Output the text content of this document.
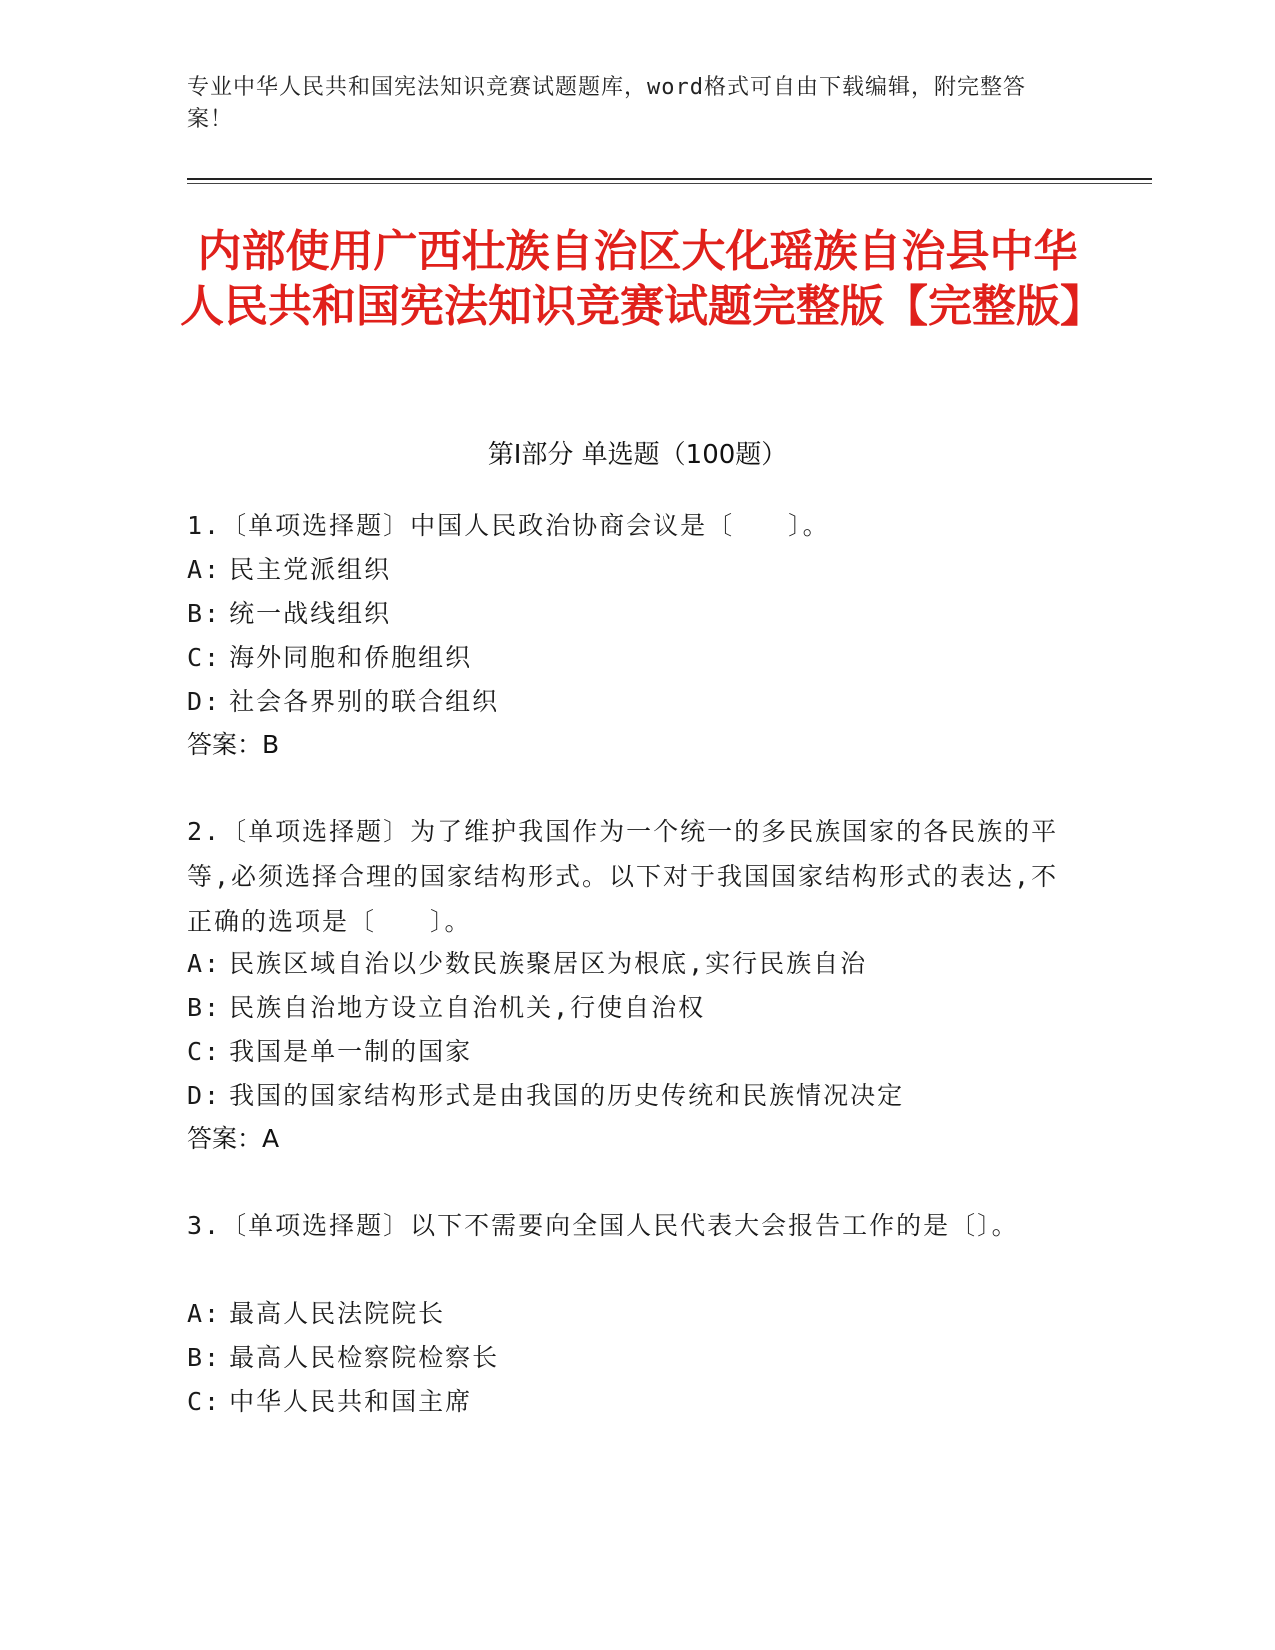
专业中华人民共和国宪法知识竞赛试题题库，word格式可自由下载编辑，附完整答案！
内部使用广西壮族自治区大化瑶族自治县中华人民共和国宪法知识竞赛试题完整版【完整版】
第Ⅰ部分 单选题（100题）
1.〔单项选择题〕中国人民政治协商会议是〔　　〕。
A: 民主党派组织
B: 统一战线组织
C: 海外同胞和侨胞组织
D: 社会各界别的联合组织
答案：B
2.〔单项选择题〕为了维护我国作为一个统一的多民族国家的各民族的平等,必须选择合理的国家结构形式。以下对于我国国家结构形式的表达,不正确的选项是〔　　〕。
A: 民族区域自治以少数民族聚居区为根底,实行民族自治
B: 民族自治地方设立自治机关,行使自治权
C: 我国是单一制的国家
D: 我国的国家结构形式是由我国的历史传统和民族情况决定
答案：A
3.〔单项选择题〕以下不需要向全国人民代表大会报告工作的是〔〕。
A: 最高人民法院院长
B: 最高人民检察院检察长
C: 中华人民共和国主席
